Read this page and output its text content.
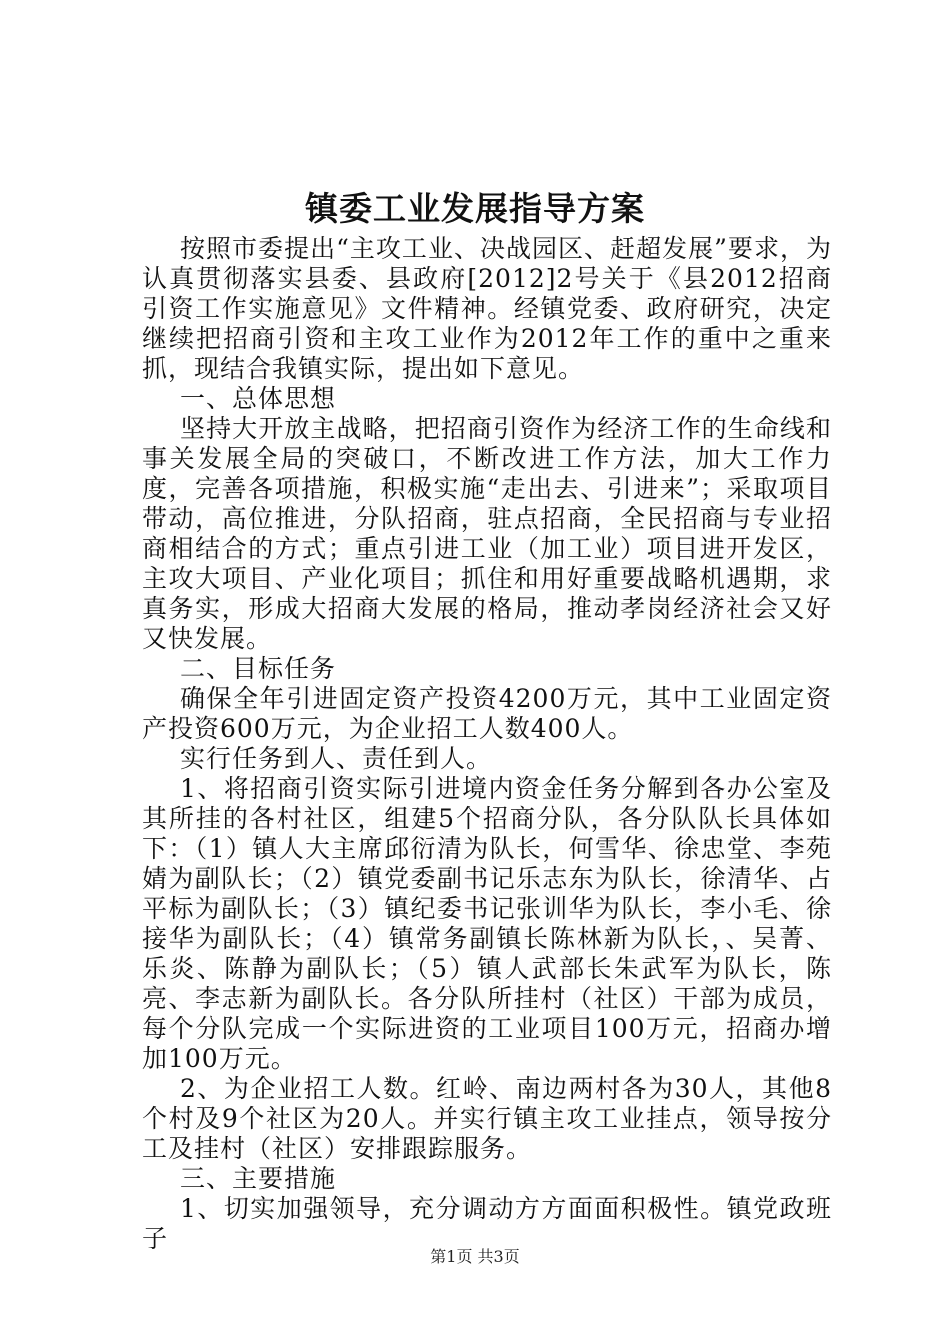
镇委工业发展指导方案

按照市委提出“主攻工业、决战园区、赶超发展”要求，为认真贯彻落实县委、县政府[2012]2号关于《县2012招商引资工作实施意见》文件精神。经镇党委、政府研究，决定继续把招商引资和主攻工业作为2012年工作的重中之重来抓，现结合我镇实际，提出如下意见。

一、总体思想

坚持大开放主战略，把招商引资作为经济工作的生命线和事关发展全局的突破口，不断改进工作方法，加大工作力度，完善各项措施，积极实施“走出去、引进来”；采取项目带动，高位推进，分队招商，驻点招商，全民招商与专业招商相结合的方式；重点引进工业（加工业）项目进开发区，主攻大项目、产业化项目；抓住和用好重要战略机遇期，求真务实，形成大招商大发展的格局，推动孝岗经济社会又好又快发展。

二、目标任务

确保全年引进固定资产投资4200万元，其中工业固定资产投资600万元，为企业招工人数400人。

实行任务到人、责任到人。

1、将招商引资实际引进境内资金任务分解到各办公室及其所挂的各村社区，组建5个招商分队，各分队队长具体如下：（1）镇人大主席邱衍清为队长，何雪华、徐忠堂、李苑婧为副队长；（2）镇党委副书记乐志东为队长，徐清华、占平标为副队长；（3）镇纪委书记张训华为队长，李小毛、徐接华为副队长；（4）镇常务副镇长陈林新为队长，、吴菁、乐炎、陈静为副队长；（5）镇人武部长朱武军为队长，陈亮、李志新为副队长。各分队所挂村（社区）干部为成员，每个分队完成一个实际进资的工业项目100万元，招商办增加100万元。

2、为企业招工人数。红岭、南边两村各为30人，其他8个村及9个社区为20人。并实行镇主攻工业挂点，领导按分工及挂村（社区）安排跟踪服务。

三、主要措施

1、切实加强领导，充分调动方方面面积极性。镇党政班子

第1页 共3页
